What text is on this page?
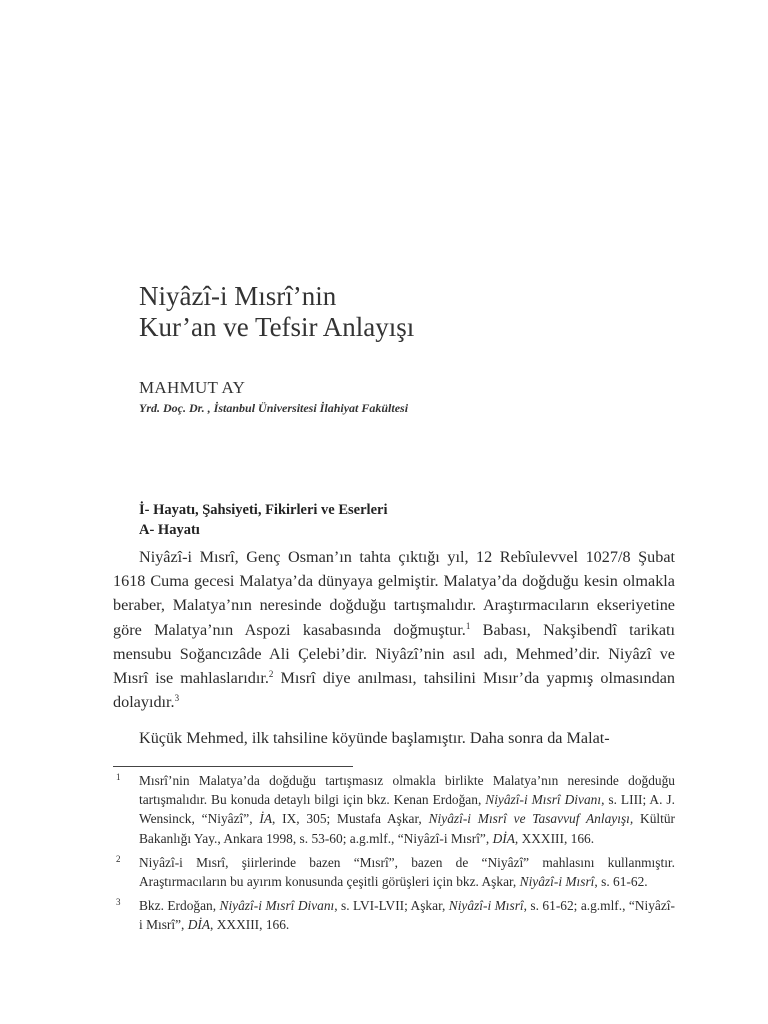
Niyâzî-i Mısrî’nin
Kur’an ve Tefsir Anlayışı
MAHMUT AY
Yrd. Doç. Dr. , İstanbul Üniversitesi İlahiyat Fakültesi
İ- Hayatı, Şahsiyeti, Fikirleri ve Eserleri
A- Hayatı

Niyâzî-i Mısrî, Genç Osman’ın tahta çıktığı yıl, 12 Rebîulevvel 1027/8 Şubat 1618 Cuma gecesi Malatya’da dünyaya gelmiştir. Malatya’da doğduğu kesin olmakla beraber, Malatya’nın neresinde doğduğu tartışmalıdır. Araştırmacıların ekseriyetine göre Malatya’nın Aspozi kasabasında doğmuştur.$^1$ Babası, Nakşibendî tarikatı mensubu Soğancızâde Ali Çelebi’dir. Niyâzî’nin asıl adı, Mehmed’dir. Niyâzî ve Mısrî ise mahlaslarıdır.$^2$ Mısrî diye anılması, tahsilini Mısır’da yapmış olmasından dolayıdır.$^3$

Küçük Mehmed, ilk tahsiline köyünde başlamıştır. Daha sonra da Malat-

1 Mısrî’nin Malatya’da doğduğu tartışmasız olmakla birlikte Malatya’nın neresinde doğduğu tartışmalıdır. Bu konuda detaylı bilgi için bkz. Kenan Erdoğan, Niyâzî-i Mısrî Divanı, s. LIII; A. J. Wensinck, “Niyâzî”, İA, IX, 305; Mustafa Aşkar, Niyâzî-i Mısrî ve Tasavvuf Anlayışı, Kültür Bakanlığı Yay., Ankara 1998, s. 53-60; a.g.mlf., “Niyâzî-i Mısrî”, DİA, XXXIII, 166.
2 Niyâzî-i Mısrî, şiirlerinde bazen “Mısrî”, bazen de “Niyâzî” mahlasını kullanmıştır. Araştırmacıların bu ayırım konusunda çeşitli görüşleri için bkz. Aşkar, Niyâzî-i Mısrî, s. 61-62.
3 Bkz. Erdoğan, Niyâzî-i Mısrî Divanı, s. LVI-LVII; Aşkar, Niyâzî-i Mısrî, s. 61-62; a.g.mlf., “Niyâzî-i Mısrî”, DİA, XXXIII, 166.
